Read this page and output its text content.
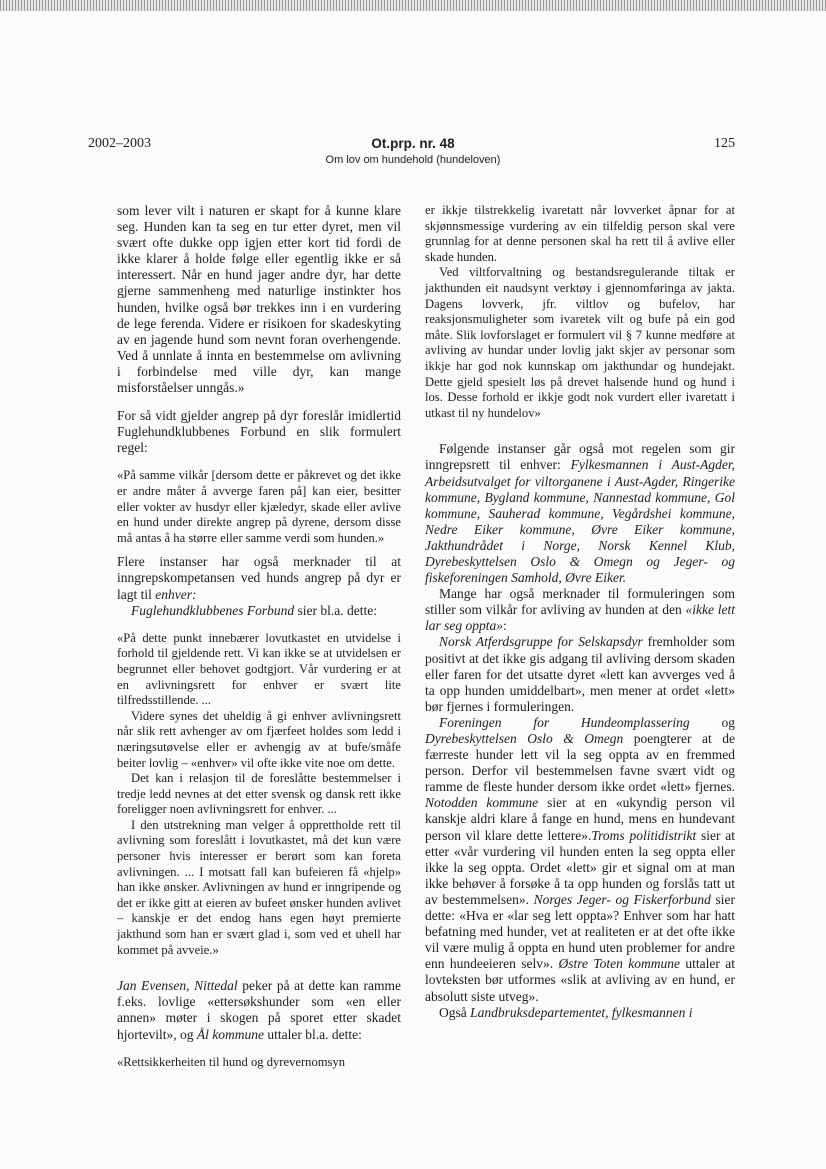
2002–2003	Ot.prp. nr. 48	125
Om lov om hundehold (hundeloven)

som lever vilt i naturen er skapt for å kunne klare seg. Hunden kan ta seg en tur etter dyret, men vil svært ofte dukke opp igjen etter kort tid fordi de ikke klarer å holde følge eller egentlig ikke er så interessert. Når en hund jager andre dyr, har dette gjerne sammenheng med naturlige instinkter hos hunden, hvilke også bør trekkes inn i en vurdering de lege ferenda. Videre er risikoen for skadeskyting av en jagende hund som nevnt foran overhengende. Ved å unnlate å innta en bestemmelse om avlivning i forbindelse med ville dyr, kan mange misforståelser unngås.»

For så vidt gjelder angrep på dyr foreslår imidlertid Fuglehundklubbenes Forbund en slik formulert regel:

«På samme vilkår [dersom dette er påkrevet og det ikke er andre måter å avverge faren på] kan eier, besitter eller vokter av husdyr eller kjæledyr, skade eller avlive en hund under direkte angrep på dyrene, dersom disse må antas å ha større eller samme verdi som hunden.»

Flere instanser har også merknader til at inngrepskompetansen ved hunds angrep på dyr er lagt til enhver:

Fuglehundklubbenes Forbund sier bl.a. dette:

«På dette punkt innebærer lovutkastet en utvidelse i forhold til gjeldende rett. Vi kan ikke se at utvidelsen er begrunnet eller behovet godtgjort. Vår vurdering er at en avlivningsrett for enhver er svært lite tilfredsstillende. ...

Videre synes det uheldig å gi enhver avlivningsrett når slik rett avhenger av om fjærfeet holdes som ledd i næringsutøvelse eller er avhengig av at bufe/småfe beiter lovlig – «enhver» vil ofte ikke vite noe om dette.

Det kan i relasjon til de foreslåtte bestemmelser i tredje ledd nevnes at det etter svensk og dansk rett ikke foreligger noen avlivningsrett for enhver. ...

I den utstrekning man velger å opprettholde rett til avlivning som foreslått i lovutkastet, må det kun være personer hvis interesser er berørt som kan foreta avlivningen. ... I motsatt fall kan bufeieren få «hjelp» han ikke ønsker. Avlivningen av hund er inngripende og det er ikke gitt at eieren av bufeet ønsker hunden avlivet – kanskje er det endog hans egen høyt premierte jakthund som han er svært glad i, som ved et uhell har kommet på avveie.»

Jan Evensen, Nittedal peker på at dette kan ramme f.eks. lovlige «ettersøkshunder som «en eller annen» møter i skogen på sporet etter skadet hjortevilt», og Ål kommune uttaler bl.a. dette:

«Rettsikkerheiten til hund og dyrevernomsyn

er ikkje tilstrekkelig ivaretatt når lovverket åpnar for at skjønnsmessige vurdering av ein tilfeldig person skal vere grunnlag for at denne personen skal ha rett til å avlive eller skade hunden.

Ved viltforvaltning og bestandsregulerande tiltak er jakthunden eit naudsynt verktøy i gjennomføringa av jakta. Dagens lovverk, jfr. viltlov og bufelov, har reaksjonsmuligheter som ivaretek vilt og bufe på ein god måte. Slik lovforslaget er formulert vil § 7 kunne medføre at avliving av hundar under lovlig jakt skjer av personar som ikkje har god nok kunnskap om jakthundar og hundejakt. Dette gjeld spesielt løs på drevet halsende hund og hund i los. Desse forhold er ikkje godt nok vurdert eller ivaretatt i utkast til ny hundelov»

Følgende instanser går også mot regelen som gir inngrepsrett til enhver: Fylkesmannen i Aust-Agder, Arbeidsutvalget for viltorganene i Aust-Agder, Ringerike kommune, Bygland kommune, Nannestad kommune, Gol kommune, Sauherad kommune, Vegårdshei kommune, Nedre Eiker kommune, Øvre Eiker kommune, Jakthundrådet i Norge, Norsk Kennel Klub, Dyrebeskyttelsen Oslo & Omegn og Jeger- og fiskeforeningen Samhold, Øvre Eiker.

Mange har også merknader til formuleringen som stiller som vilkår for avliving av hunden at den «ikke lett lar seg oppta»:

Norsk Atferdsgruppe for Selskapsdyr fremholder som positivt at det ikke gis adgang til avliving dersom skaden eller faren for det utsatte dyret «lett kan avverges ved å ta opp hunden umiddelbart», men mener at ordet «lett» bør fjernes i formuleringen.

Foreningen for Hundeomplassering og Dyrebeskyttelsen Oslo & Omegn poengterer at de færreste hunder lett vil la seg oppta av en fremmed person. Derfor vil bestemmelsen favne svært vidt og ramme de fleste hunder dersom ikke ordet «lett» fjernes. Notodden kommune sier at en «ukyndig person vil kanskje aldri klare å fange en hund, mens en hundevant person vil klare dette lettere».Troms politidistrikt sier at etter «vår vurdering vil hunden enten la seg oppta eller ikke la seg oppta. Ordet «lett» gir et signal om at man ikke behøver å forsøke å ta opp hunden og forslås tatt ut av bestemmelsen». Norges Jeger- og Fiskerforbund sier dette: «Hva er «lar seg lett oppta»? Enhver som har hatt befatning med hunder, vet at realiteten er at det ofte ikke vil være mulig å oppta en hund uten problemer for andre enn hundeeieren selv». Østre Toten kommune uttaler at lovteksten bør utformes «slik at avliving av en hund, er absolutt siste utveg».

Også Landbruksdepartementet, fylkesmannen i
